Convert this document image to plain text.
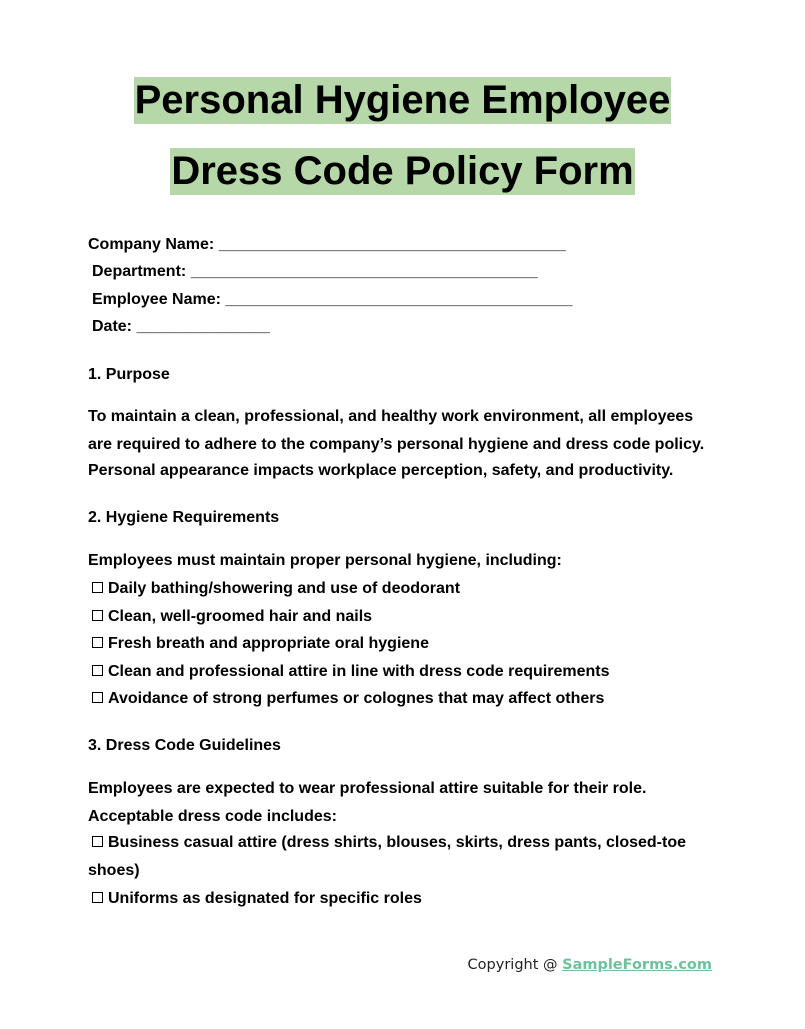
Personal Hygiene Employee
Dress Code Policy Form
Company Name: _______________________________________
Department: _______________________________________
Employee Name: _______________________________________
Date: _______________
1. Purpose
To maintain a clean, professional, and healthy work environment, all employees
are required to adhere to the company’s personal hygiene and dress code policy.
Personal appearance impacts workplace perception, safety, and productivity.
2. Hygiene Requirements
Employees must maintain proper personal hygiene, including:
Daily bathing/showering and use of deodorant
Clean, well-groomed hair and nails
Fresh breath and appropriate oral hygiene
Clean and professional attire in line with dress code requirements
Avoidance of strong perfumes or colognes that may affect others
3. Dress Code Guidelines
Employees are expected to wear professional attire suitable for their role.
Acceptable dress code includes:
Business casual attire (dress shirts, blouses, skirts, dress pants, closed-toe
shoes)
Uniforms as designated for specific roles
Copyright @ SampleForms.com
